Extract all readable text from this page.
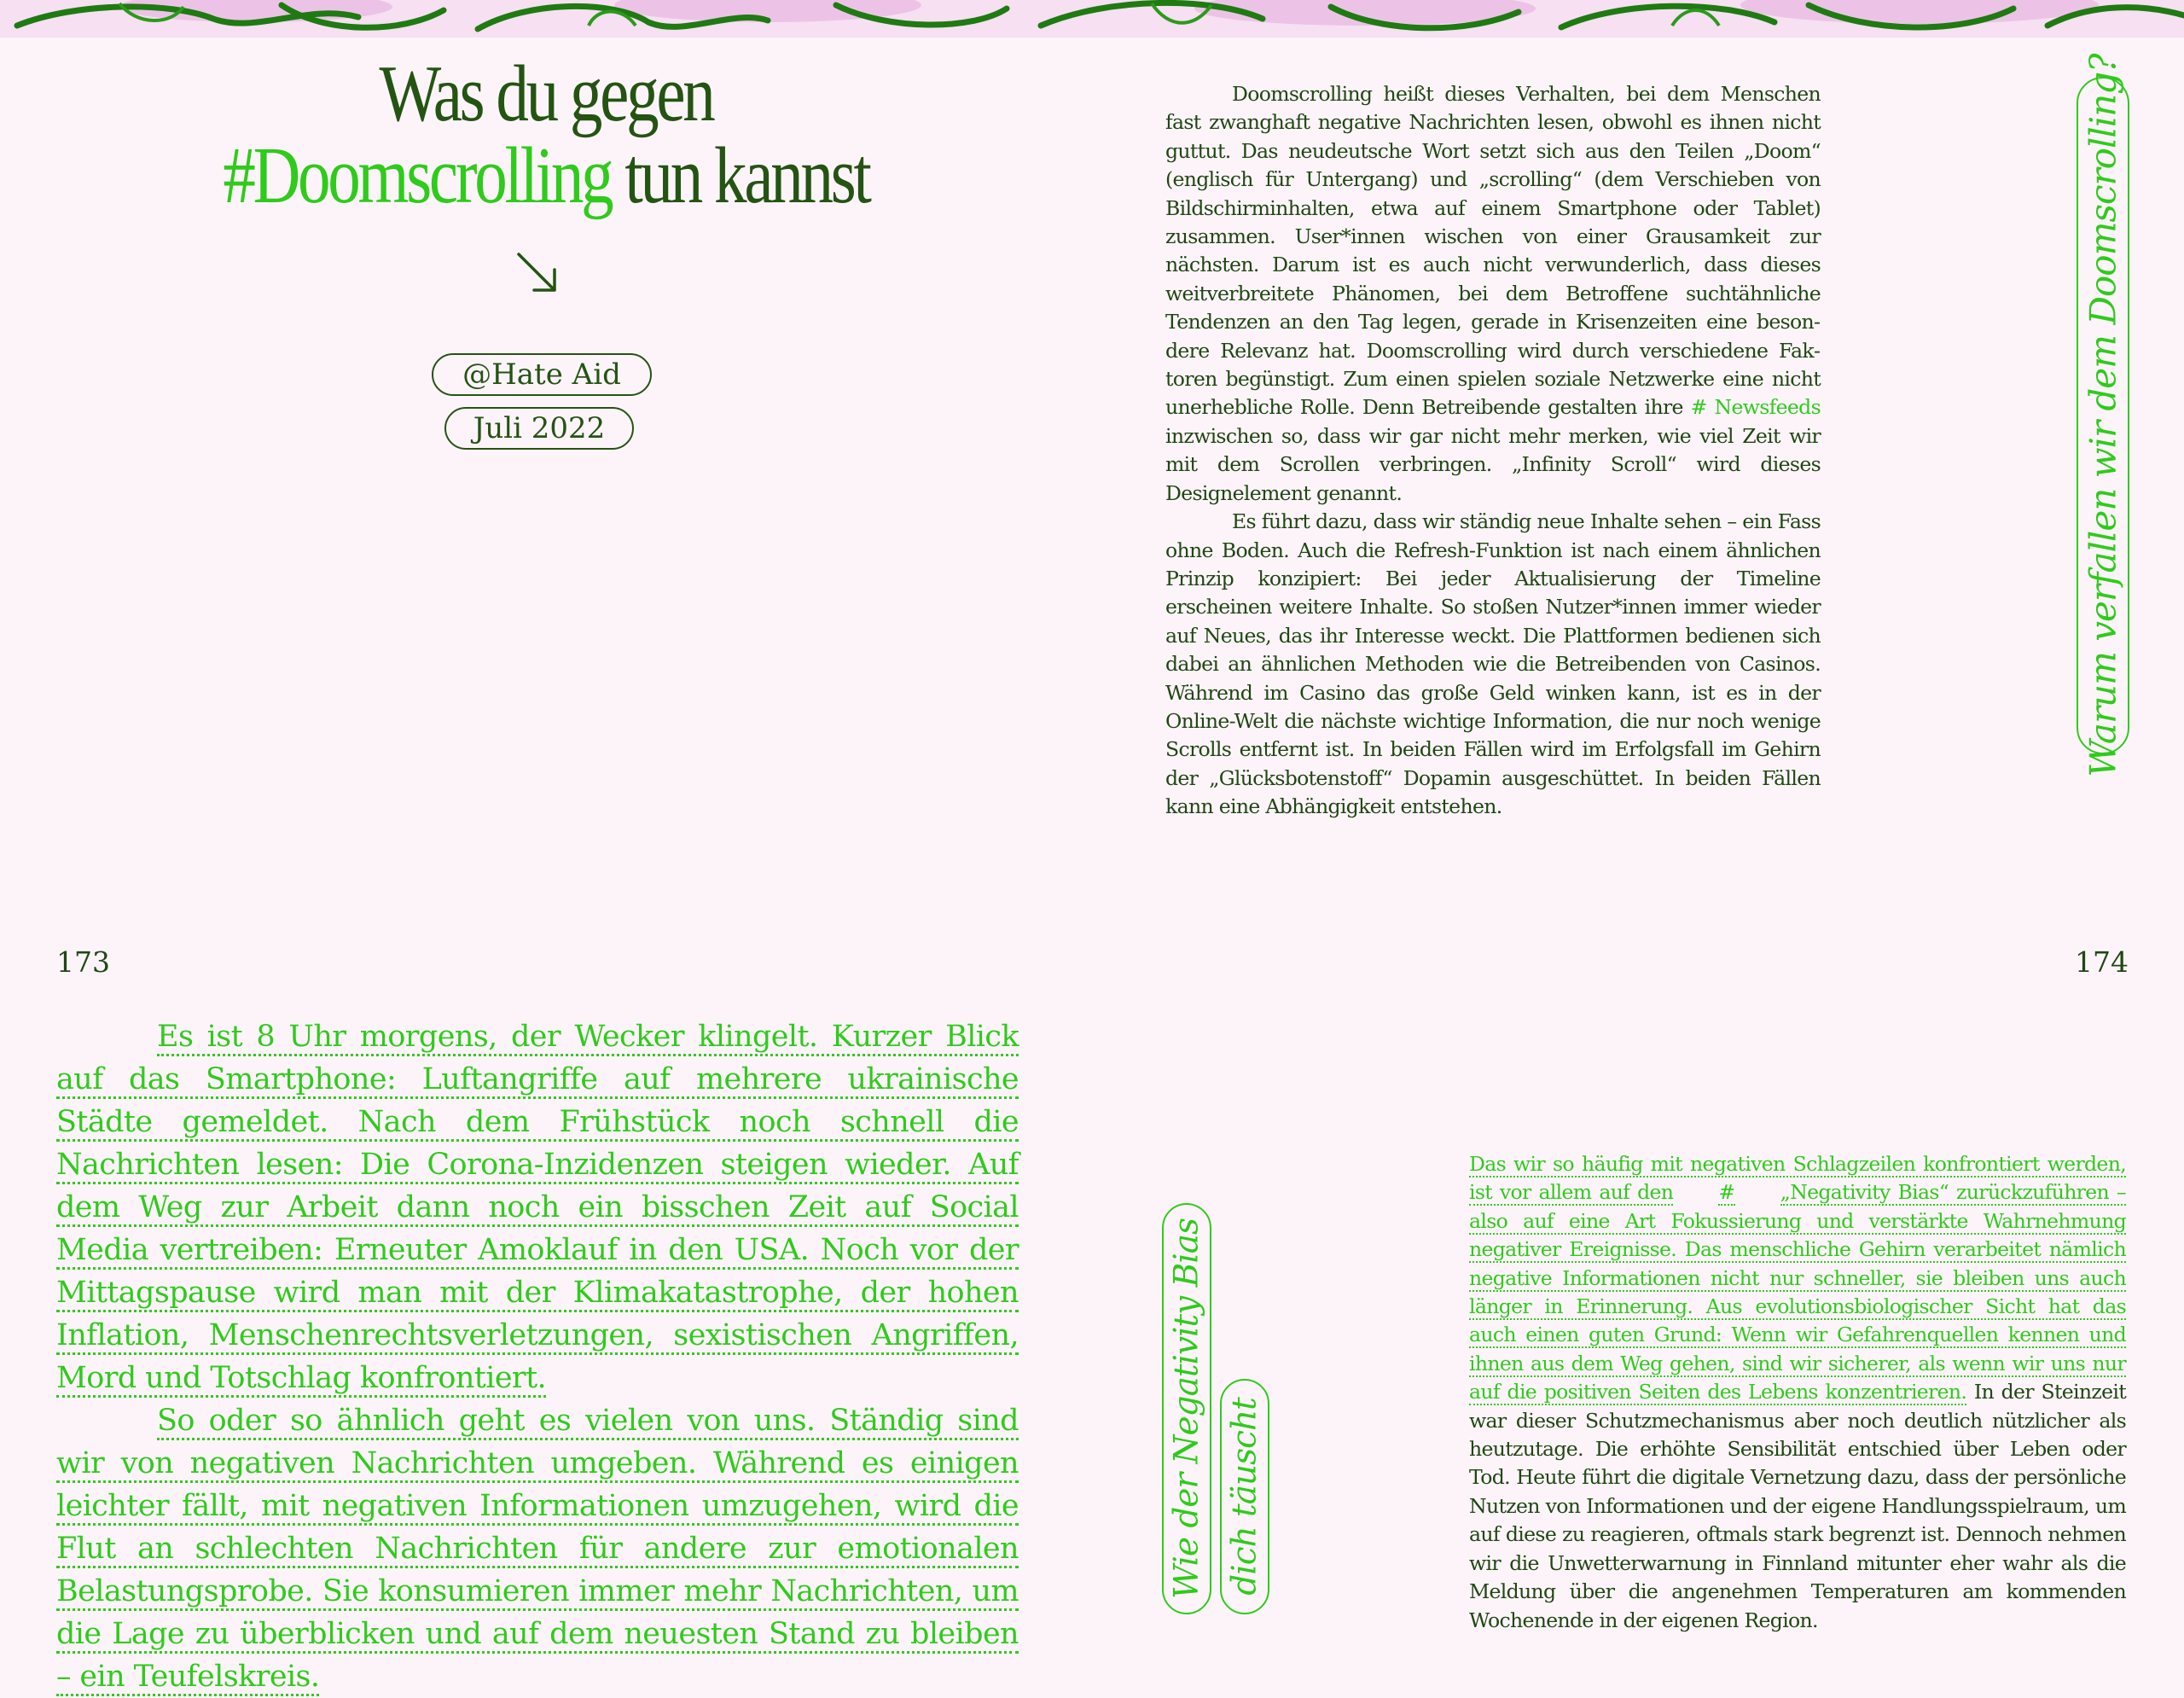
Was du gegen
#Doomscrolling tun kannst
@Hate Aid
Juli 2022

Doomscrolling heißt dieses Verhalten, bei dem Menschen fast zwanghaft negative Nachrichten lesen, obwohl es ihnen nicht guttut. Das neudeutsche Wort setzt sich aus den Teilen „Doom“ (englisch für Untergang) und „scrolling“ (dem Verschieben von Bildschirminhalten, etwa auf einem Smartphone oder Tablet) zusammen. User*innen wischen von einer Grausamkeit zur nächsten. Darum ist es auch nicht verwunderlich, dass dieses weitverbreitete Phänomen, bei dem Betroffene suchtähnliche Tendenzen an den Tag legen, gerade in Krisenzeiten eine besondere Relevanz hat. Doomscrolling wird durch verschiedene Faktoren begünstigt. Zum einen spielen soziale Netzwerke eine nicht unerhebliche Rolle. Denn Betreibende gestalten ihre # Newsfeeds inzwischen so, dass wir gar nicht mehr merken, wie viel Zeit wir mit dem Scrollen verbringen. „Infinity Scroll“ wird dieses Designelement genannt.

Es führt dazu, dass wir ständig neue Inhalte sehen – ein Fass ohne Boden. Auch die Refresh-Funktion ist nach einem ähnlichen Prinzip konzipiert: Bei jeder Aktualisierung der Timeline erscheinen weitere Inhalte. So stoßen Nutzer*innen immer wieder auf Neues, das ihr Interesse weckt. Die Plattformen bedienen sich dabei an ähnlichen Methoden wie die Betreibenden von Casinos. Während im Casino das große Geld winken kann, ist es in der Online-Welt die nächste wichtige Information, die nur noch wenige Scrolls entfernt ist. In beiden Fällen wird im Erfolgsfall im Gehirn der „Glücksbotenstoff“ Dopamin ausgeschüttet. In beiden Fällen kann eine Abhängigkeit entstehen.

Warum verfallen wir dem Doomscrolling?
173	174

Es ist 8 Uhr morgens, der Wecker klingelt. Kurzer Blick auf das Smartphone: Luftangriffe auf mehrere ukrainische Städte gemeldet. Nach dem Frühstück noch schnell die Nachrichten lesen: Die Corona-Inzidenzen steigen wieder. Auf dem Weg zur Arbeit dann noch ein bisschen Zeit auf Social Media vertreiben: Erneuter Amoklauf in den USA. Noch vor der Mittagspause wird man mit der Klimakatastrophe, der hohen Inflation, Menschenrechtsverletzungen, sexistischen Angriffen, Mord und Totschlag konfrontiert.

So oder so ähnlich geht es vielen von uns. Ständig sind wir von negativen Nachrichten umgeben. Während es einigen leichter fällt, mit negativen Informationen umzugehen, wird die Flut an schlechten Nachrichten für andere zur emotionalen Belastungsprobe. Sie konsumieren immer mehr Nachrichten, um die Lage zu überblicken und auf dem neuesten Stand zu bleiben – ein Teufelskreis.

Wie der Negativity Bias dich täuscht

Das wir so häufig mit negativen Schlagzeilen konfrontiert werden, ist vor allem auf den # „Negativity Bias“ zurückzuführen – also auf eine Art Fokussierung und verstärkte Wahrnehmung negativer Ereignisse. Das menschliche Gehirn verarbeitet nämlich negative Informationen nicht nur schneller, sie bleiben uns auch länger in Erinnerung. Aus evolutionsbiologischer Sicht hat das auch einen guten Grund: Wenn wir Gefahrenquellen kennen und ihnen aus dem Weg gehen, sind wir sicherer, als wenn wir uns nur auf die positiven Seiten des Lebens konzentrieren. In der Steinzeit war dieser Schutzmechanismus aber noch deutlich nützlicher als heutzutage. Die erhöhte Sensibilität entschied über Leben oder Tod. Heute führt die digitale Vernetzung dazu, dass der persönliche Nutzen von Informationen und der eigene Handlungsspielraum, um auf diese zu reagieren, oftmals stark begrenzt ist. Dennoch nehmen wir die Unwetterwarnung in Finnland mitunter eher wahr als die Meldung über die angenehmen Temperaturen am kommenden Wochenende in der eigenen Region.
